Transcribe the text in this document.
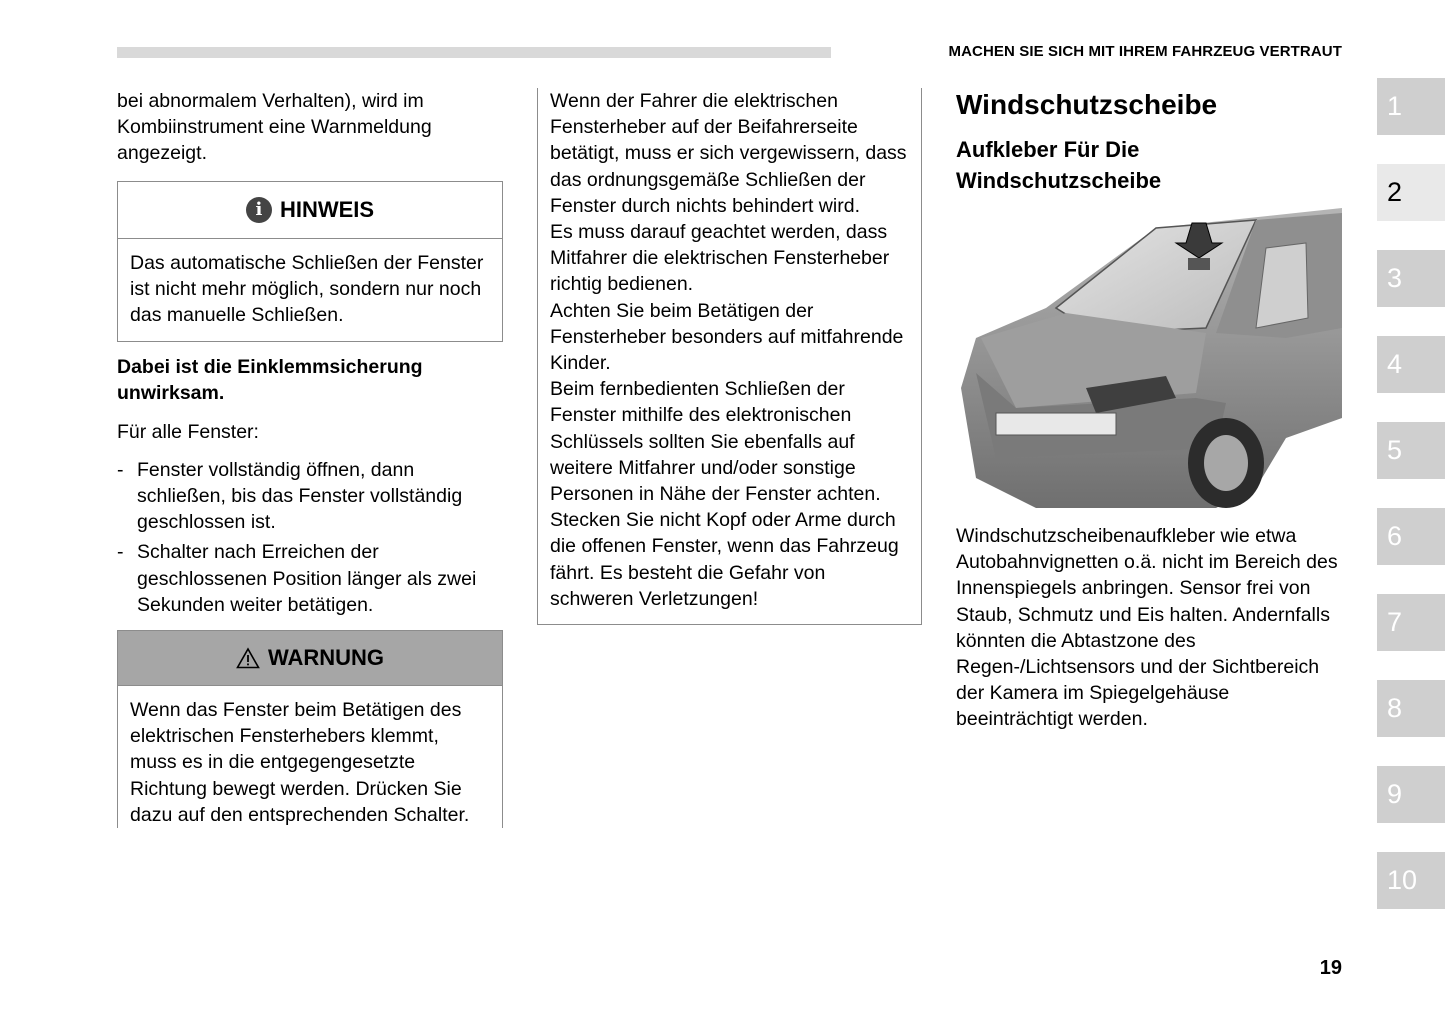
MACHEN SIE SICH MIT IHREM FAHRZEUG VERTRAUT

bei abnormalem Verhalten), wird im Kombiinstrument eine Warnmeldung angezeigt.

i HINWEIS
Das automatische Schließen der Fenster ist nicht mehr möglich, sondern nur noch das manuelle Schließen.

Dabei ist die Einklemmsicherung unwirksam.

Für alle Fenster:

- Fenster vollständig öffnen, dann schließen, bis das Fenster vollständig geschlossen ist.
- Schalter nach Erreichen der geschlossenen Position länger als zwei Sekunden weiter betätigen.
WARNUNG
Wenn das Fenster beim Betätigen des elektrischen Fensterhebers klemmt, muss es in die entgegengesetzte Richtung bewegt werden. Drücken Sie dazu auf den entsprechenden Schalter.

Wenn der Fahrer die elektrischen Fensterheber auf der Beifahrerseite betätigt, muss er sich vergewissern, dass das ordnungsgemäße Schließen der Fenster durch nichts behindert wird.

Es muss darauf geachtet werden, dass Mitfahrer die elektrischen Fensterheber richtig bedienen.

Achten Sie beim Betätigen der Fensterheber besonders auf mitfahrende Kinder.

Beim fernbedienten Schließen der Fenster mithilfe des elektronischen Schlüssels sollten Sie ebenfalls auf weitere Mitfahrer und/oder sonstige Personen in Nähe der Fenster achten.

Stecken Sie nicht Kopf oder Arme durch die offenen Fenster, wenn das Fahrzeug fährt. Es besteht die Gefahr von schweren Verletzungen!

Windschutzscheibe
Aufkleber Für Die Windschutzscheibe

Windschutzscheibenaufkleber wie etwa Autobahnvignetten o.ä. nicht im Bereich des Innenspiegels anbringen. Sensor frei von Staub, Schmutz und Eis halten. Andernfalls könnten die Abtastzone des Regen-/Lichtsensors und der Sichtbereich der Kamera im Spiegelgehäuse beeinträchtigt werden.

1
2
3
4
5
6
7
8
9
10
19
